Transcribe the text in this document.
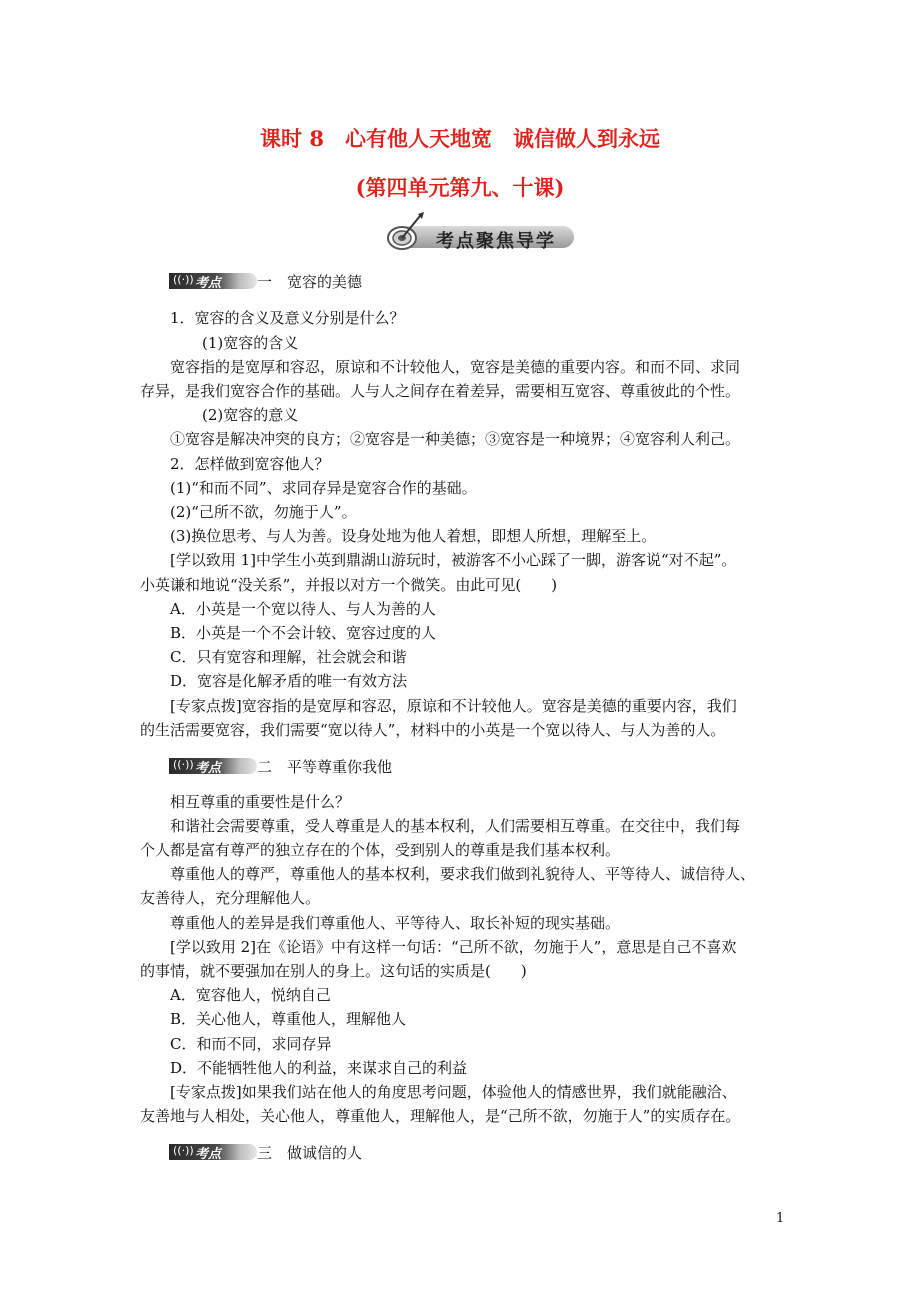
课时 8　心有他人天地宽　诚信做人到永远
(第四单元第九、十课)
考点聚焦导学
((·)) 考点 一　宽容的美德
1．宽容的含义及意义分别是什么？
(1)宽容的含义
宽容指的是宽厚和容忍，原谅和不计较他人，宽容是美德的重要内容。和而不同、求同
存异，是我们宽容合作的基础。人与人之间存在着差异，需要相互宽容、尊重彼此的个性。
(2)宽容的意义
①宽容是解决冲突的良方；②宽容是一种美德；③宽容是一种境界；④宽容利人利己。
2．怎样做到宽容他人？
(1)“和而不同”、求同存异是宽容合作的基础。
(2)“己所不欲，勿施于人”。
(3)换位思考、与人为善。设身处地为他人着想，即想人所想，理解至上。
[学以致用 1]中学生小英到鼎湖山游玩时，被游客不小心踩了一脚，游客说“对不起”。
小英谦和地说“没关系”，并报以对方一个微笑。由此可见(　　)
A．小英是一个宽以待人、与人为善的人
B．小英是一个不会计较、宽容过度的人
C．只有宽容和理解，社会就会和谐
D．宽容是化解矛盾的唯一有效方法
[专家点拨]宽容指的是宽厚和容忍，原谅和不计较他人。宽容是美德的重要内容，我们
的生活需要宽容，我们需要“宽以待人”，材料中的小英是一个宽以待人、与人为善的人。
((·)) 考点 二　平等尊重你我他
相互尊重的重要性是什么？
和谐社会需要尊重，受人尊重是人的基本权利，人们需要相互尊重。在交往中，我们每
个人都是富有尊严的独立存在的个体，受到别人的尊重是我们基本权利。
尊重他人的尊严，尊重他人的基本权利，要求我们做到礼貌待人、平等待人、诚信待人、
友善待人，充分理解他人。
尊重他人的差异是我们尊重他人、平等待人、取长补短的现实基础。
[学以致用 2]在《论语》中有这样一句话：“己所不欲，勿施于人”，意思是自己不喜欢
的事情，就不要强加在别人的身上。这句话的实质是(　　)
A．宽容他人，悦纳自己
B．关心他人，尊重他人，理解他人
C．和而不同，求同存异
D．不能牺牲他人的利益，来谋求自己的利益
[专家点拨]如果我们站在他人的角度思考问题，体验他人的情感世界，我们就能融洽、
友善地与人相处，关心他人，尊重他人，理解他人，是“己所不欲，勿施于人”的实质存在。
((·)) 考点 三　做诚信的人
1
